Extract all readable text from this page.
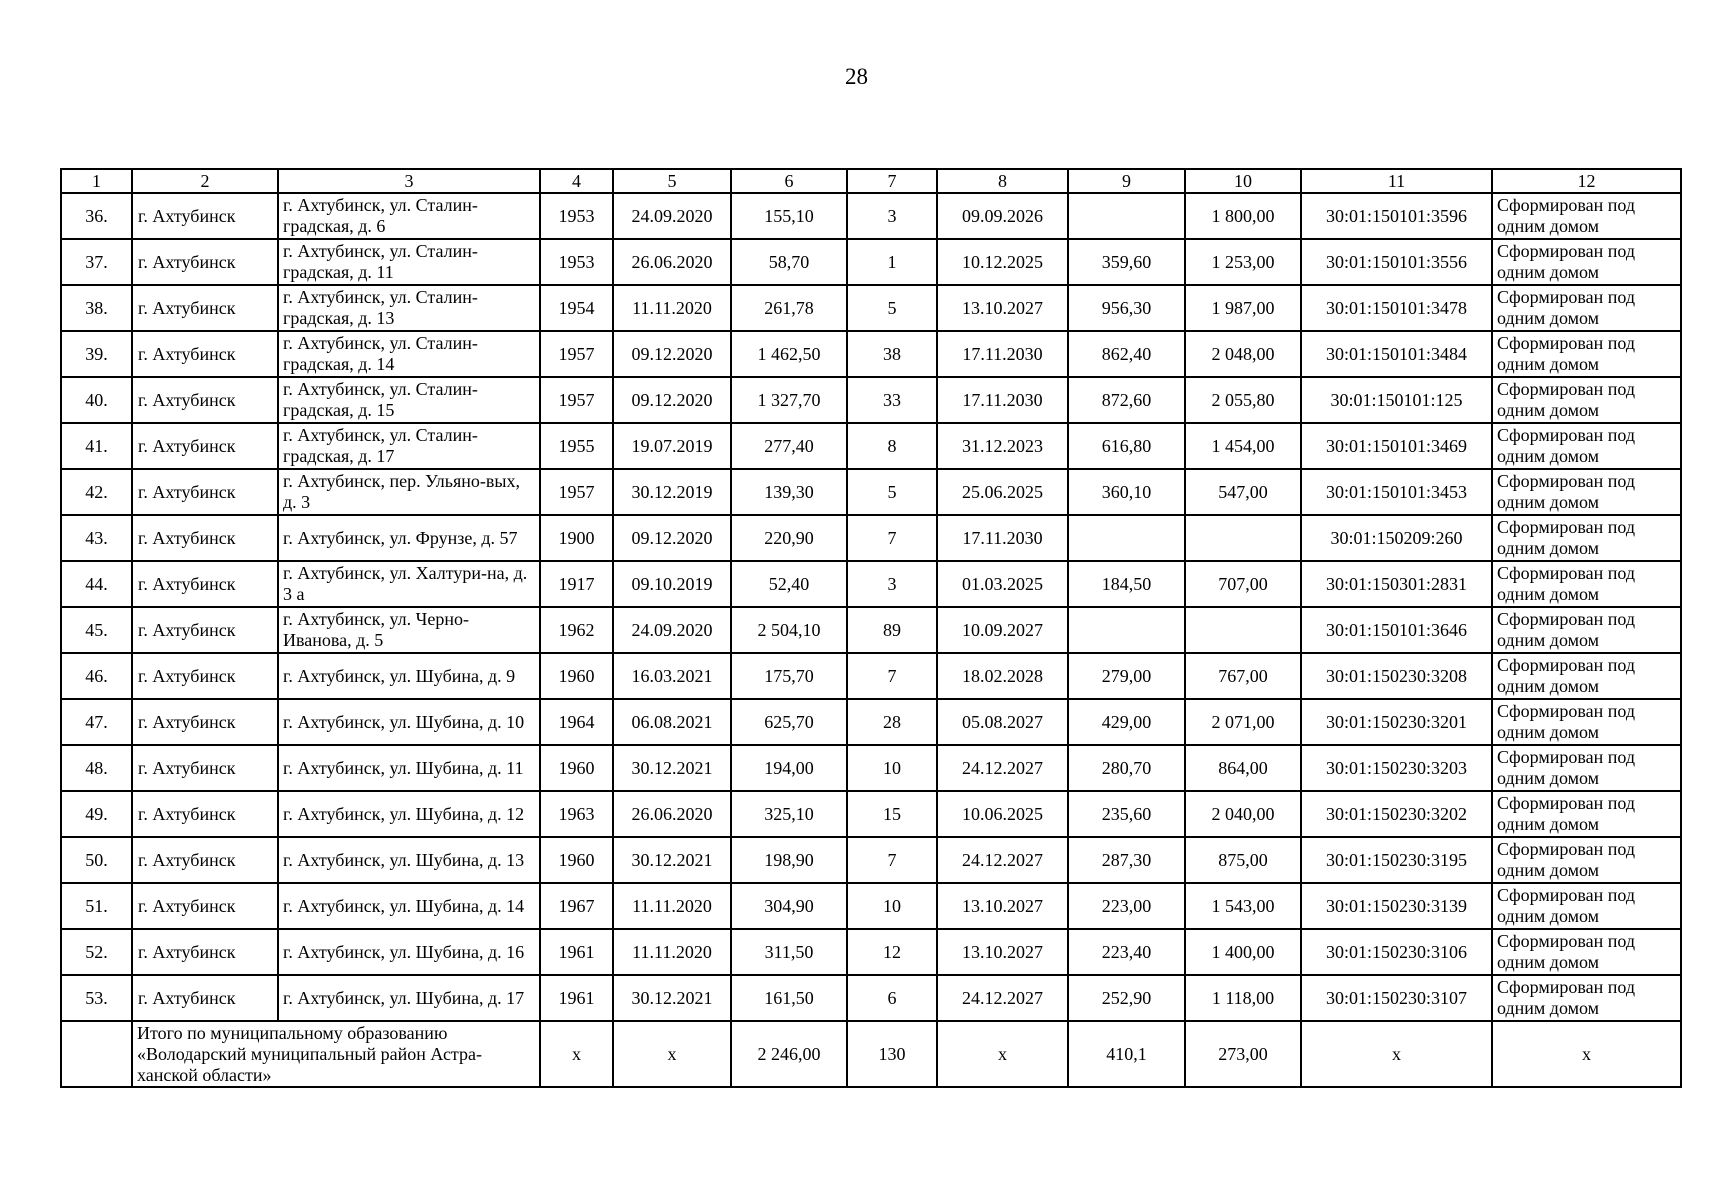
28
1	2	3	4	5	6	7	8	9	10	11	12
36.	г. Ахтубинск	г. Ахтубинск, ул. Сталин-градская, д. 6	1953	24.09.2020	155,10	3	09.09.2026		1 800,00	30:01:150101:3596	Сформирован под одним домом
37.	г. Ахтубинск	г. Ахтубинск, ул. Сталин-градская, д. 11	1953	26.06.2020	58,70	1	10.12.2025	359,60	1 253,00	30:01:150101:3556	Сформирован под одним домом
38.	г. Ахтубинск	г. Ахтубинск, ул. Сталин-градская, д. 13	1954	11.11.2020	261,78	5	13.10.2027	956,30	1 987,00	30:01:150101:3478	Сформирован под одним домом
39.	г. Ахтубинск	г. Ахтубинск, ул. Сталин-градская, д. 14	1957	09.12.2020	1 462,50	38	17.11.2030	862,40	2 048,00	30:01:150101:3484	Сформирован под одним домом
40.	г. Ахтубинск	г. Ахтубинск, ул. Сталин-градская, д. 15	1957	09.12.2020	1 327,70	33	17.11.2030	872,60	2 055,80	30:01:150101:125	Сформирован под одним домом
41.	г. Ахтубинск	г. Ахтубинск, ул. Сталин-градская, д. 17	1955	19.07.2019	277,40	8	31.12.2023	616,80	1 454,00	30:01:150101:3469	Сформирован под одним домом
42.	г. Ахтубинск	г. Ахтубинск, пер. Ульяно-вых, д. 3	1957	30.12.2019	139,30	5	25.06.2025	360,10	547,00	30:01:150101:3453	Сформирован под одним домом
43.	г. Ахтубинск	г. Ахтубинск, ул. Фрунзе, д. 57	1900	09.12.2020	220,90	7	17.11.2030			30:01:150209:260	Сформирован под одним домом
44.	г. Ахтубинск	г. Ахтубинск, ул. Халтури-на, д. 3 а	1917	09.10.2019	52,40	3	01.03.2025	184,50	707,00	30:01:150301:2831	Сформирован под одним домом
45.	г. Ахтубинск	г. Ахтубинск, ул. Черно-Иванова, д. 5	1962	24.09.2020	2 504,10	89	10.09.2027			30:01:150101:3646	Сформирован под одним домом
46.	г. Ахтубинск	г. Ахтубинск, ул. Шубина, д. 9	1960	16.03.2021	175,70	7	18.02.2028	279,00	767,00	30:01:150230:3208	Сформирован под одним домом
47.	г. Ахтубинск	г. Ахтубинск, ул. Шубина, д. 10	1964	06.08.2021	625,70	28	05.08.2027	429,00	2 071,00	30:01:150230:3201	Сформирован под одним домом
48.	г. Ахтубинск	г. Ахтубинск, ул. Шубина, д. 11	1960	30.12.2021	194,00	10	24.12.2027	280,70	864,00	30:01:150230:3203	Сформирован под одним домом
49.	г. Ахтубинск	г. Ахтубинск, ул. Шубина, д. 12	1963	26.06.2020	325,10	15	10.06.2025	235,60	2 040,00	30:01:150230:3202	Сформирован под одним домом
50.	г. Ахтубинск	г. Ахтубинск, ул. Шубина, д. 13	1960	30.12.2021	198,90	7	24.12.2027	287,30	875,00	30:01:150230:3195	Сформирован под одним домом
51.	г. Ахтубинск	г. Ахтубинск, ул. Шубина, д. 14	1967	11.11.2020	304,90	10	13.10.2027	223,00	1 543,00	30:01:150230:3139	Сформирован под одним домом
52.	г. Ахтубинск	г. Ахтубинск, ул. Шубина, д. 16	1961	11.11.2020	311,50	12	13.10.2027	223,40	1 400,00	30:01:150230:3106	Сформирован под одним домом
53.	г. Ахтубинск	г. Ахтубинск, ул. Шубина, д. 17	1961	30.12.2021	161,50	6	24.12.2027	252,90	1 118,00	30:01:150230:3107	Сформирован под одним домом
	Итого по муниципальному образованию «Володарский муниципальный район Астра-ханской области»		х	х	2 246,00	130	х	410,1	273,00	х	х
